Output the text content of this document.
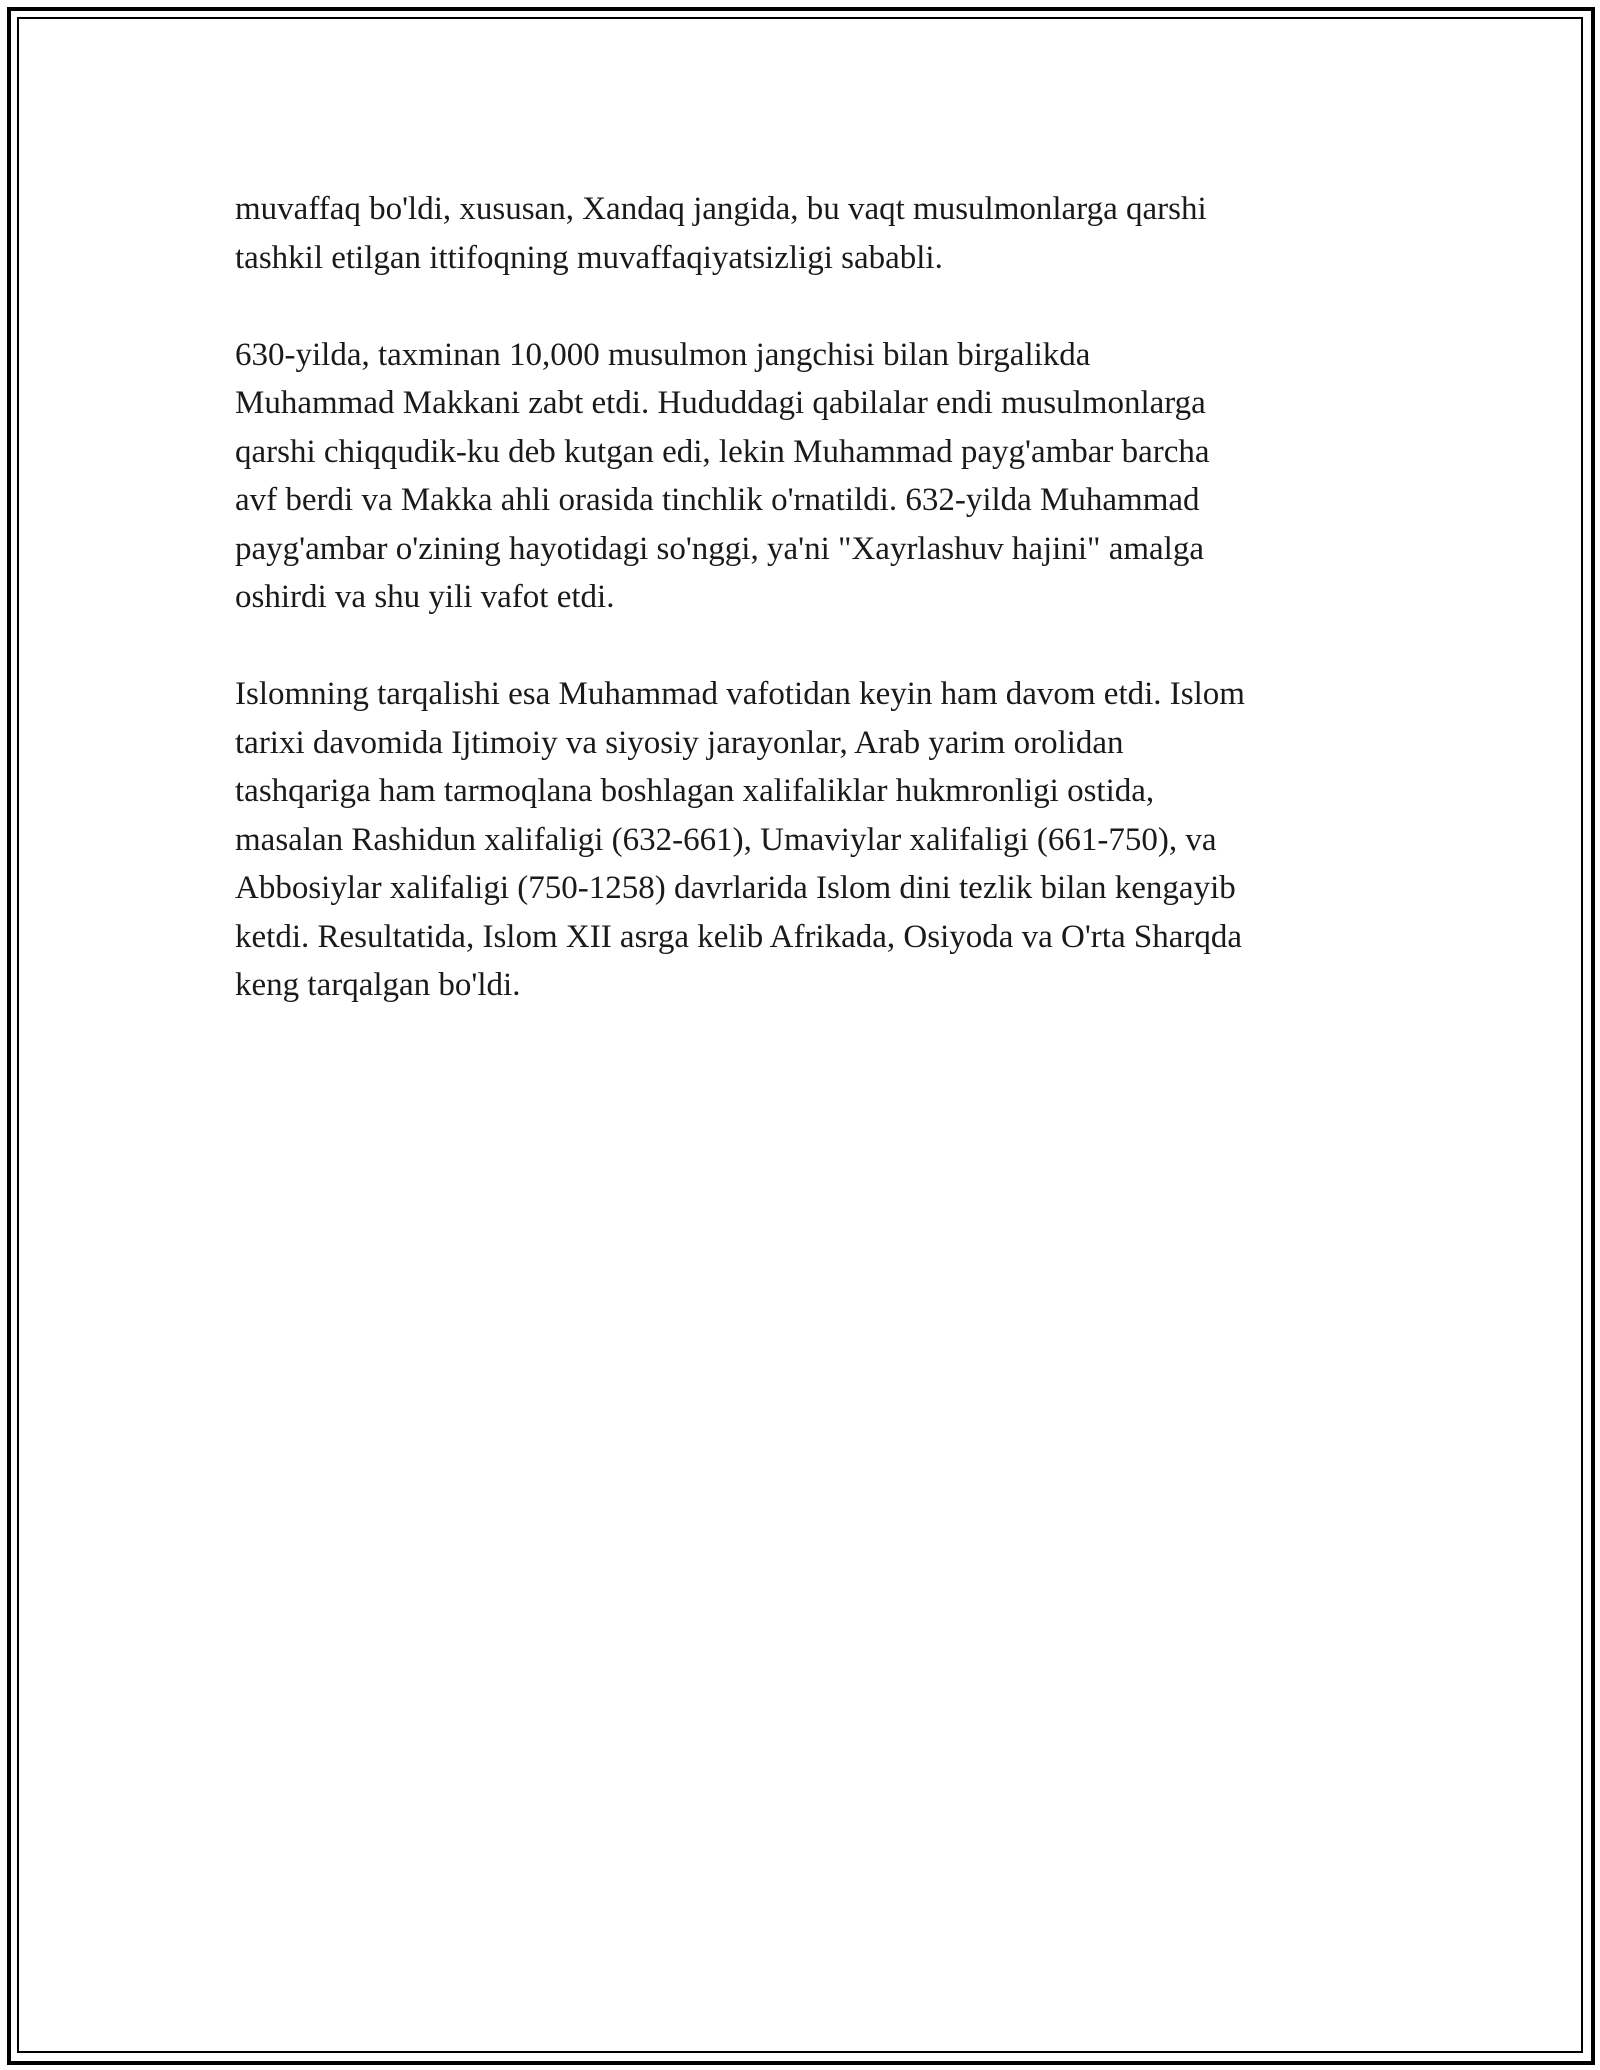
muvaffaq bo'ldi, xususan, Xandaq jangida, bu vaqt musulmonlarga qarshi
tashkil etilgan ittifoqning muvaffaqiyatsizligi sababli.

630-yilda, taxminan 10,000 musulmon jangchisi bilan birgalikda
Muhammad Makkani zabt etdi. Hududdagi qabilalar endi musulmonlarga
qarshi chiqqudik-ku deb kutgan edi, lekin Muhammad payg'ambar barcha
avf berdi va Makka ahli orasida tinchlik o'rnatildi. 632-yilda Muhammad
payg'ambar o'zining hayotidagi so'nggi, ya'ni "Xayrlashuv hajini" amalga
oshirdi va shu yili vafot etdi.

Islomning tarqalishi esa Muhammad vafotidan keyin ham davom etdi. Islom
tarixi davomida Ijtimoiy va siyosiy jarayonlar, Arab yarim orolidan
tashqariga ham tarmoqlana boshlagan xalifaliklar hukmronligi ostida,
masalan Rashidun xalifaligi (632-661), Umaviylar xalifaligi (661-750), va
Abbosiylar xalifaligi (750-1258) davrlarida Islom dini tezlik bilan kengayib
ketdi. Resultatida, Islom XII asrga kelib Afrikada, Osiyoda va O'rta Sharqda
keng tarqalgan bo'ldi.
